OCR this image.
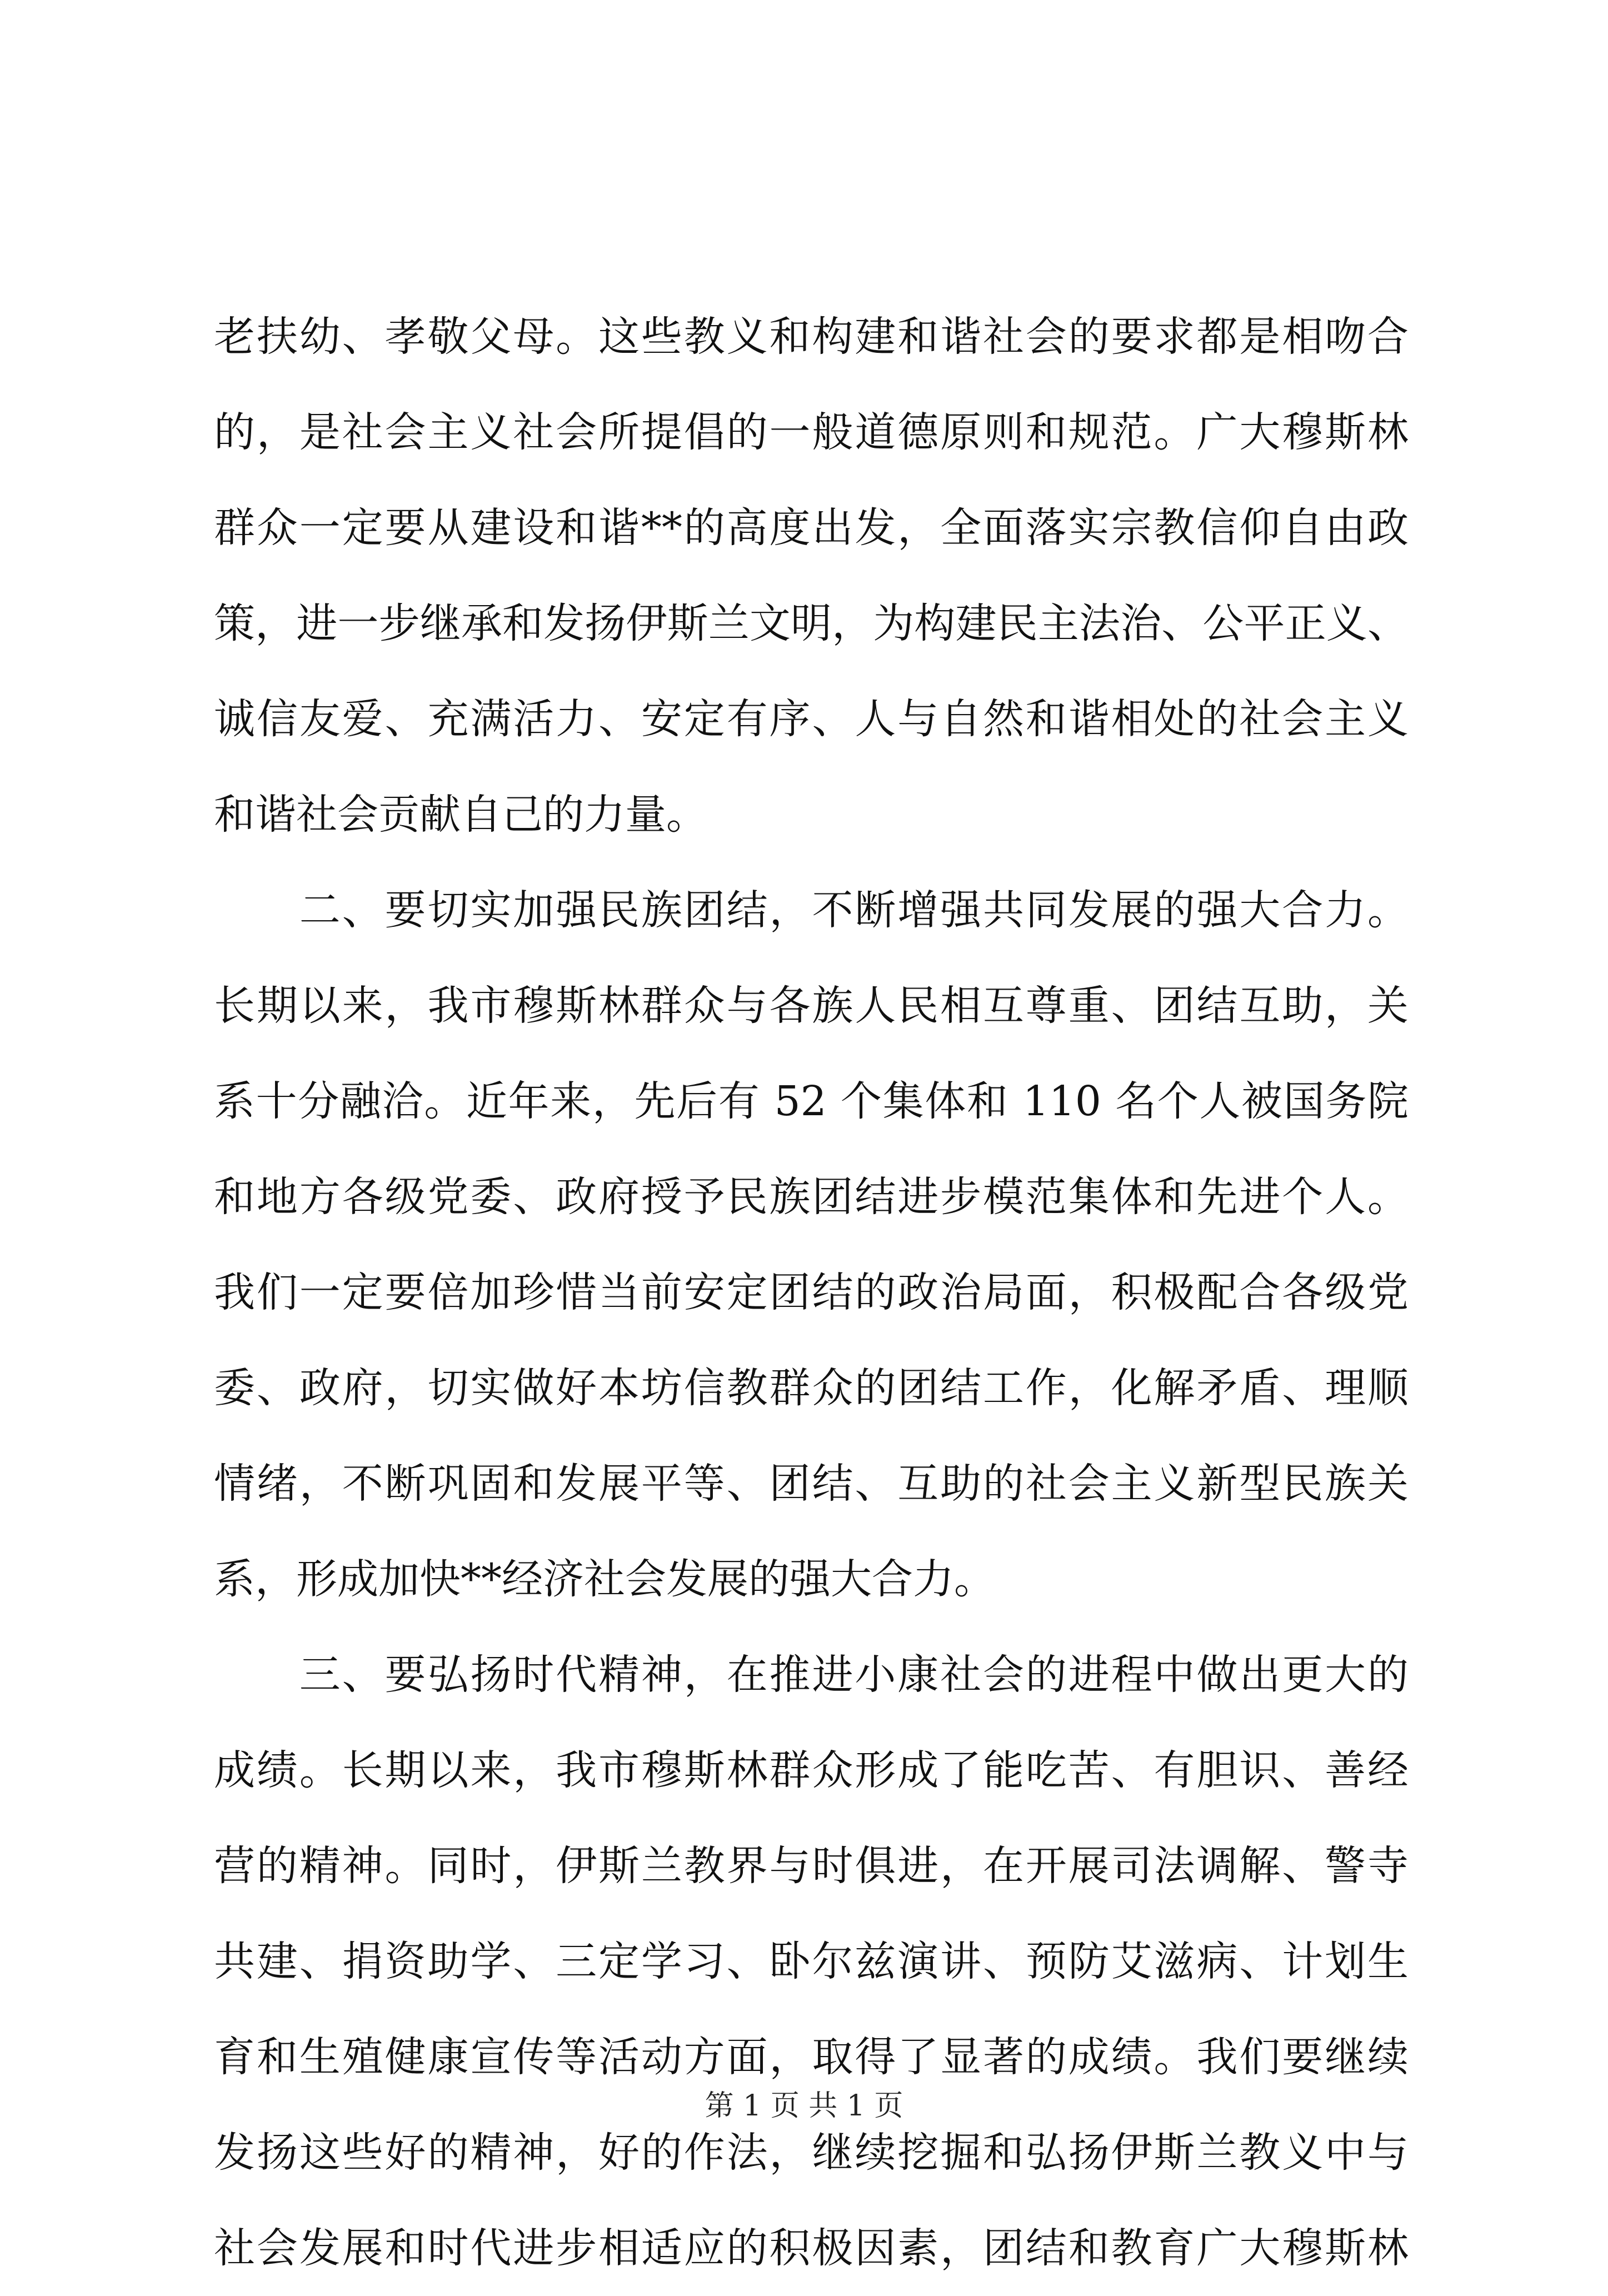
老扶幼、孝敬父母。这些教义和构建和谐社会的要求都是相吻合
的，是社会主义社会所提倡的一般道德原则和规范。广大穆斯林
群众一定要从建设和谐**的高度出发，全面落实宗教信仰自由政
策，进一步继承和发扬伊斯兰文明，为构建民主法治、公平正义、
诚信友爱、充满活力、安定有序、人与自然和谐相处的社会主义
和谐社会贡献自己的力量。
　　二、要切实加强民族团结，不断增强共同发展的强大合力。
长期以来，我市穆斯林群众与各族人民相互尊重、团结互助，关
系十分融洽。近年来，先后有 52 个集体和 110 名个人被国务院
和地方各级党委、政府授予民族团结进步模范集体和先进个人。
我们一定要倍加珍惜当前安定团结的政治局面，积极配合各级党
委、政府，切实做好本坊信教群众的团结工作，化解矛盾、理顺
情绪，不断巩固和发展平等、团结、互助的社会主义新型民族关
系，形成加快**经济社会发展的强大合力。
　　三、要弘扬时代精神，在推进小康社会的进程中做出更大的
成绩。长期以来，我市穆斯林群众形成了能吃苦、有胆识、善经
营的精神。同时，伊斯兰教界与时俱进，在开展司法调解、警寺
共建、捐资助学、三定学习、卧尔兹演讲、预防艾滋病、计划生
育和生殖健康宣传等活动方面，取得了显著的成绩。我们要继续
发扬这些好的精神，好的作法，继续挖掘和弘扬伊斯兰教义中与
社会发展和时代进步相适应的积极因素，团结和教育广大穆斯林
第 1 页 共 1 页
